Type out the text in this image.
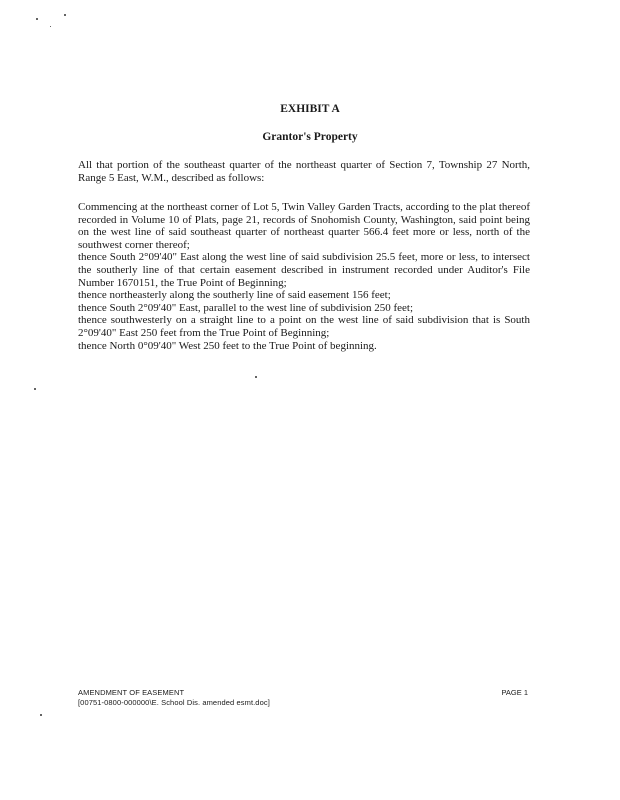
EXHIBIT A
Grantor's Property

All that portion of the southeast quarter of the northeast quarter of Section 7, Township 27 North, Range 5 East, W.M., described as follows:

Commencing at the northeast corner of Lot 5, Twin Valley Garden Tracts, according to the plat thereof recorded in Volume 10 of Plats, page 21, records of Snohomish County, Washington, said point being on the west line of said southeast quarter of northeast quarter 566.4 feet more or less, north of the southwest corner thereof;
thence South 2°09'40" East along the west line of said subdivision 25.5 feet, more or less, to intersect the southerly line of that certain easement described in instrument recorded under Auditor's File Number 1670151, the True Point of Beginning;
thence northeasterly along the southerly line of said easement 156 feet;
thence South 2°09'40" East, parallel to the west line of subdivision 250 feet;
thence southwesterly on a straight line to a point on the west line of said subdivision that is South 2°09'40" East 250 feet from the True Point of Beginning;
thence North 0°09'40" West 250 feet to the True Point of beginning.
AMENDMENT OF EASEMENT
[00751-0800-000000\E. School Dis. amended esmt.doc]
PAGE 1
